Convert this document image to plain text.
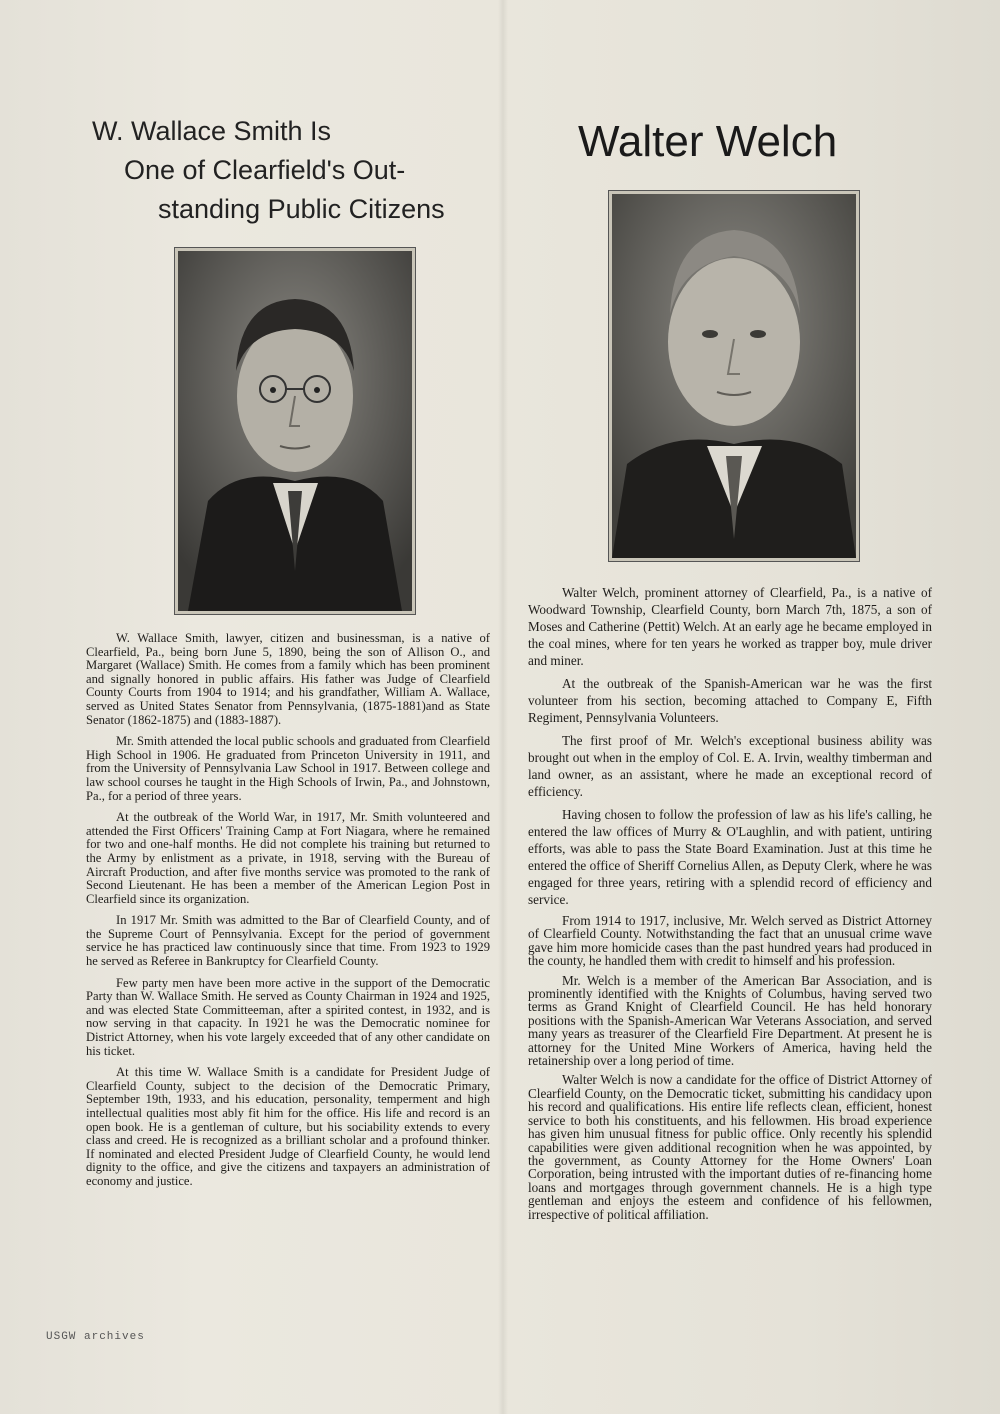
W. Wallace Smith Is
One of Clearfield's Out-
standing Public Citizens
Walter Welch

W. Wallace Smith, lawyer, citizen and businessman, is a native of Clearfield, Pa., being born June 5, 1890, being the son of Allison O., and Margaret (Wallace) Smith. He comes from a family which has been prominent and signally honored in public affairs. His father was Judge of Clearfield County Courts from 1904 to 1914; and his grandfather, William A. Wallace, served as United States Senator from Pennsylvania, (1875-1881)and as State Senator (1862-1875) and (1883-1887).

Mr. Smith attended the local public schools and graduated from Clearfield High School in 1906. He graduated from Princeton University in 1911, and from the University of Pennsylvania Law School in 1917. Between college and law school courses he taught in the High Schools of Irwin, Pa., and Johnstown, Pa., for a period of three years.

At the outbreak of the World War, in 1917, Mr. Smith volunteered and attended the First Officers' Training Camp at Fort Niagara, where he remained for two and one-half months. He did not complete his training but returned to the Army by enlistment as a private, in 1918, serving with the Bureau of Aircraft Production, and after five months service was promoted to the rank of Second Lieutenant. He has been a member of the American Legion Post in Clearfield since its organization.

In 1917 Mr. Smith was admitted to the Bar of Clearfield County, and of the Supreme Court of Pennsylvania. Except for the period of government service he has practiced law continuously since that time. From 1923 to 1929 he served as Referee in Bankruptcy for Clearfield County.

Few party men have been more active in the support of the Democratic Party than W. Wallace Smith. He served as County Chairman in 1924 and 1925, and was elected State Committeeman, after a spirited contest, in 1932, and is now serving in that capacity. In 1921 he was the Democratic nominee for District Attorney, when his vote largely exceeded that of any other candidate on his ticket.

At this time W. Wallace Smith is a candidate for President Judge of Clearfield County, subject to the decision of the Democratic Primary, September 19th, 1933, and his education, personality, temperment and high intellectual qualities most ably fit him for the office. His life and record is an open book. He is a gentleman of culture, but his sociability extends to every class and creed. He is recognized as a brilliant scholar and a profound thinker. If nominated and elected President Judge of Clearfield County, he would lend dignity to the office, and give the citizens and taxpayers an administration of economy and justice.

Walter Welch, prominent attorney of Clearfield, Pa., is a native of Woodward Township, Clearfield County, born March 7th, 1875, a son of Moses and Catherine (Pettit) Welch. At an early age he became employed in the coal mines, where for ten years he worked as trapper boy, mule driver and miner.

At the outbreak of the Spanish-American war he was the first volunteer from his section, becoming attached to Company E, Fifth Regiment, Pennsylvania Volunteers.

The first proof of Mr. Welch's exceptional business ability was brought out when in the employ of Col. E. A. Irvin, wealthy timberman and land owner, as an assistant, where he made an exceptional record of efficiency.

Having chosen to follow the profession of law as his life's calling, he entered the law offices of Murry & O'Laughlin, and with patient, untiring efforts, was able to pass the State Board Examination. Just at this time he entered the office of Sheriff Cornelius Allen, as Deputy Clerk, where he was engaged for three years, retiring with a splendid record of efficiency and service.

From 1914 to 1917, inclusive, Mr. Welch served as District Attorney of Clearfield County. Notwithstanding the fact that an unusual crime wave gave him more homicide cases than the past hundred years had produced in the county, he handled them with credit to himself and his profession.

Mr. Welch is a member of the American Bar Association, and is prominently identified with the Knights of Columbus, having served two terms as Grand Knight of Clearfield Council. He has held honorary positions with the Spanish-American War Veterans Association, and served many years as treasurer of the Clearfield Fire Department. At present he is attorney for the United Mine Workers of America, having held the retainership over a long period of time.

Walter Welch is now a candidate for the office of District Attorney of Clearfield County, on the Democratic ticket, submitting his candidacy upon his record and qualifications. His entire life reflects clean, efficient, honest service to both his constituents, and his fellowmen. His broad experience has given him unusual fitness for public office. Only recently his splendid capabilities were given additional recognition when he was appointed, by the government, as County Attorney for the Home Owners' Loan Corporation, being intrusted with the important duties of re-financing home loans and mortgages through government channels. He is a high type gentleman and enjoys the esteem and confidence of his fellowmen, irrespective of political affiliation.

USGW archives
